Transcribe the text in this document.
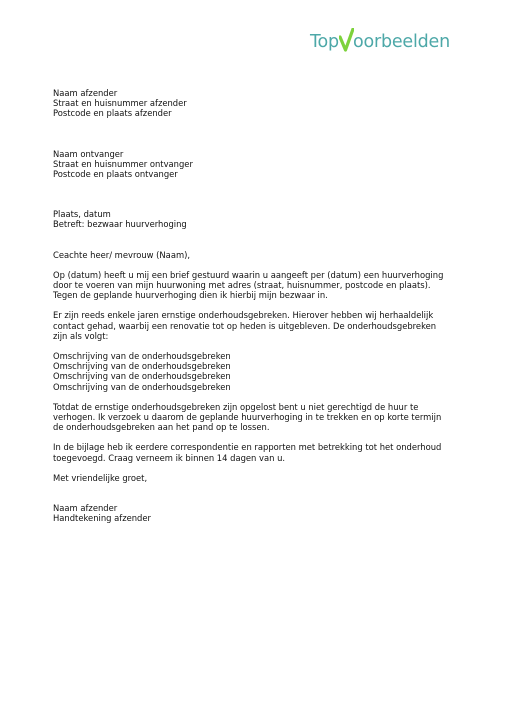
Top oorbeelden
Naam afzender
Straat en huisnummer afzender
Postcode en plaats afzender
Naam ontvanger
Straat en huisnummer ontvanger
Postcode en plaats ontvanger
Plaats, datum
Betreft: bezwaar huurverhoging
Ceachte heer/ mevrouw (Naam),
Op (datum) heeft u mij een brief gestuurd waarin u aangeeft per (datum) een huurverhoging
door te voeren van mijn huurwoning met adres (straat, huisnummer, postcode en plaats).
Tegen de geplande huurverhoging dien ik hierbij mijn bezwaar in.
Er zijn reeds enkele jaren ernstige onderhoudsgebreken. Hierover hebben wij herhaaldelijk
contact gehad, waarbij een renovatie tot op heden is uitgebleven. De onderhoudsgebreken
zijn als volgt:
Omschrijving van de onderhoudsgebreken
Omschrijving van de onderhoudsgebreken
Omschrijving van de onderhoudsgebreken
Omschrijving van de onderhoudsgebreken
Totdat de ernstige onderhoudsgebreken zijn opgelost bent u niet gerechtigd de huur te
verhogen. Ik verzoek u daarom de geplande huurverhoging in te trekken en op korte termijn
de onderhoudsgebreken aan het pand op te lossen.
In de bijlage heb ik eerdere correspondentie en rapporten met betrekking tot het onderhoud
toegevoegd. Craag verneem ik binnen 14 dagen van u.
Met vriendelijke groet,
Naam afzender
Handtekening afzender
